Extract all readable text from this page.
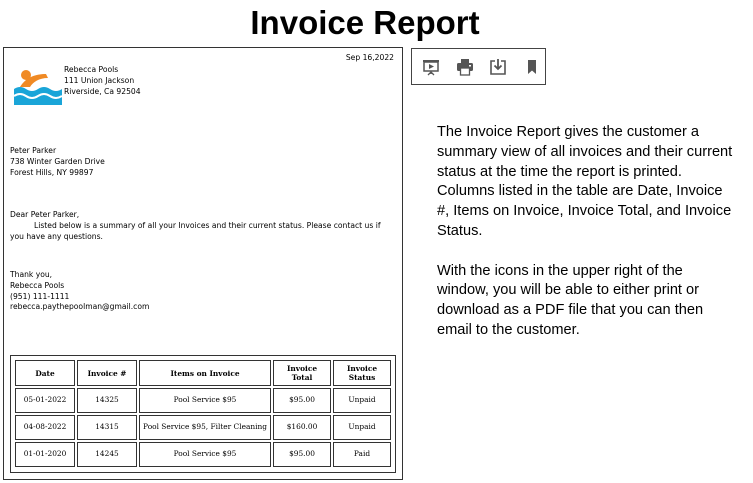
Invoice Report
Rebecca Pools
111 Union Jackson
Riverside, Ca 92504
Sep 16,2022
Peter Parker
738 Winter Garden Drive
Forest Hills, NY 99897
Dear Peter Parker,
Listed below is a summary of all your Invoices and their current status. Please contact us if you have any questions.
Thank you,
Rebecca Pools
(951) 111-1111
rebecca.paythepoolman@gmail.com
Date	Invoice #	Items on Invoice	Invoice Total	Invoice Status
05-01-2022	14325	Pool Service $95	$95.00	Unpaid
04-08-2022	14315	Pool Service $95, Filter Cleaning	$160.00	Unpaid
01-01-2020	14245	Pool Service $95	$95.00	Paid

The Invoice Report gives the customer a summary view of all invoices and their current status at the time the report is printed. Columns listed in the table are Date, Invoice #, Items on Invoice, Invoice Total, and Invoice Status.

With the icons in the upper right of the window, you will be able to either print or download as a PDF file that you can then email to the customer.
